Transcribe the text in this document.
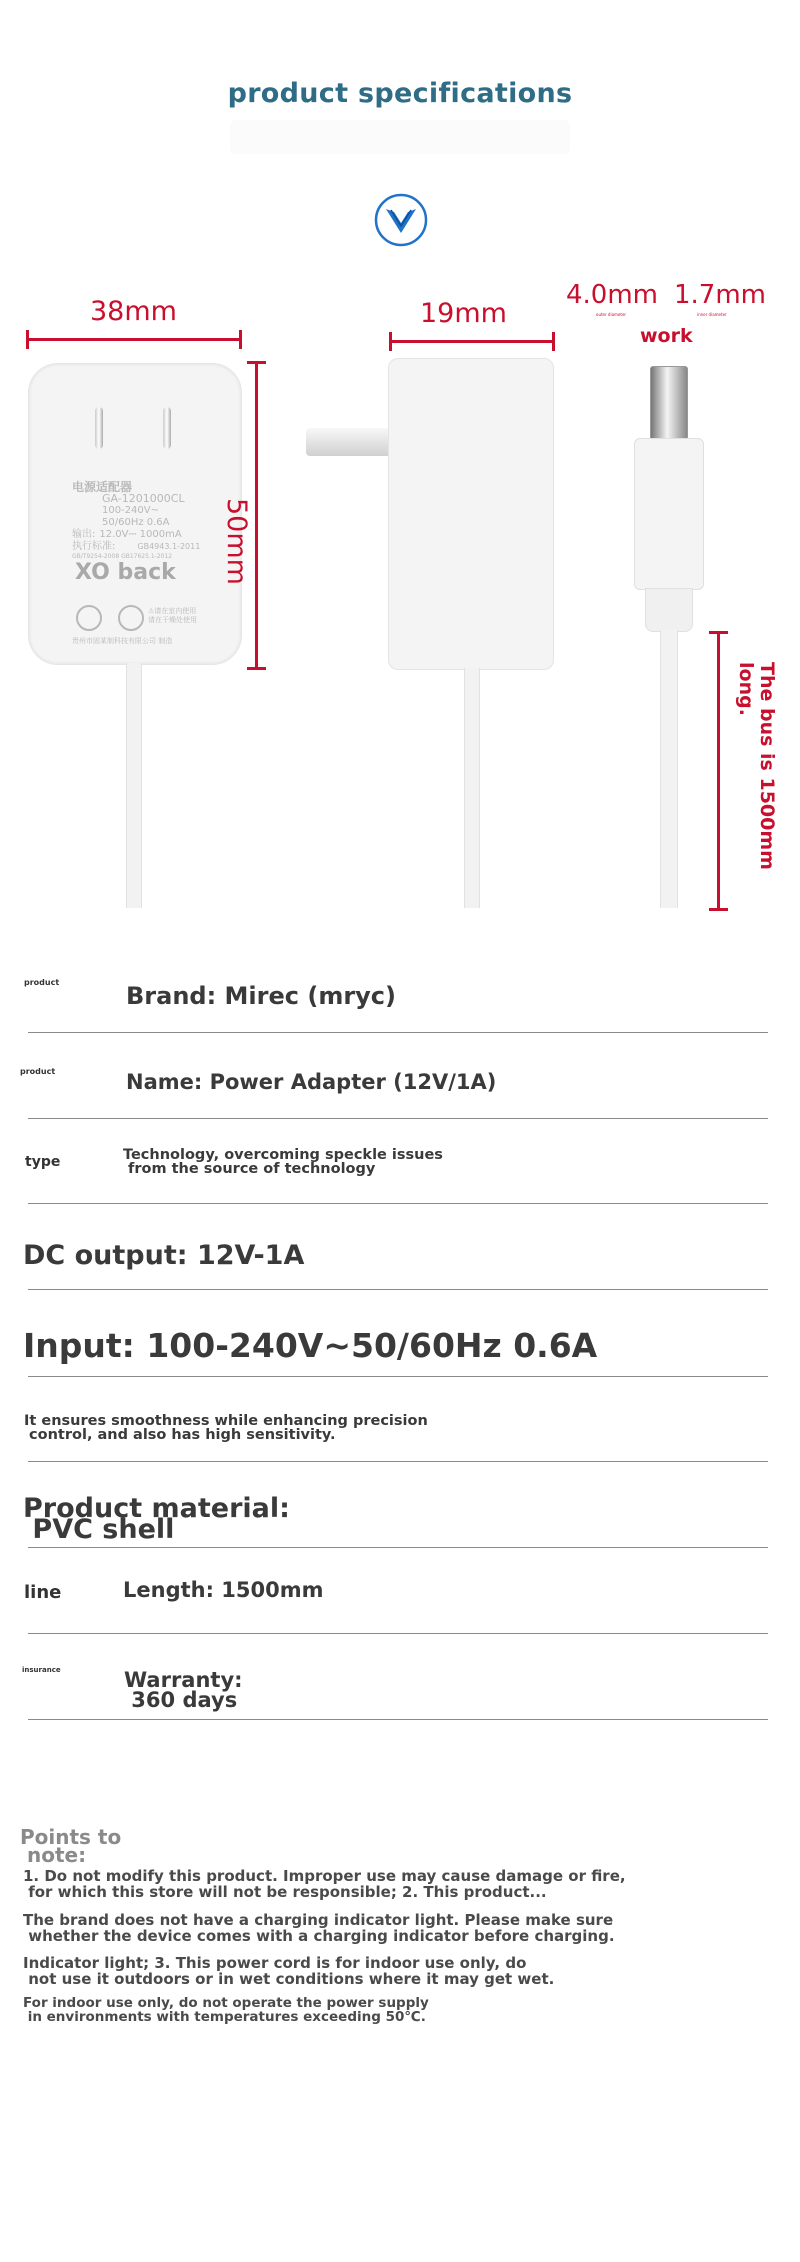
product specifications
38mm
电源适配器
GA-1201000CL
100-240V~
50/60Hz 0.6A
输出: 12.0V⎓ 1000mA
执行标准:	GB4943.1-2011
GB/T9254-2008 GB17625.1-2012
XO back
⚠请在室内使用
请在干燥处使用
贵州市固某制科技有限公司 制造
50mm
19mm
4.0mm 1.7mm
outer diameter	inner diameter
work
The bus is 1500mm long.
product	Brand: Mirec (mryc)
product	Name: Power Adapter (12V/1A)
type	Technology, overcoming speckle issues
from the source of technology
DC output: 12V-1A
Input: 100-240V~50/60Hz 0.6A
It ensures smoothness while enhancing precision
control, and also has high sensitivity.
Product material:
PVC shell
line	Length: 1500mm
insurance	Warranty:
360 days
Points to
note:
1. Do not modify this product. Improper use may cause damage or fire,
for which this store will not be responsible; 2. This product...
The brand does not have a charging indicator light. Please make sure
whether the device comes with a charging indicator before charging.
Indicator light; 3. This power cord is for indoor use only, do
not use it outdoors or in wet conditions where it may get wet.
For indoor use only, do not operate the power supply
in environments with temperatures exceeding 50℃.
